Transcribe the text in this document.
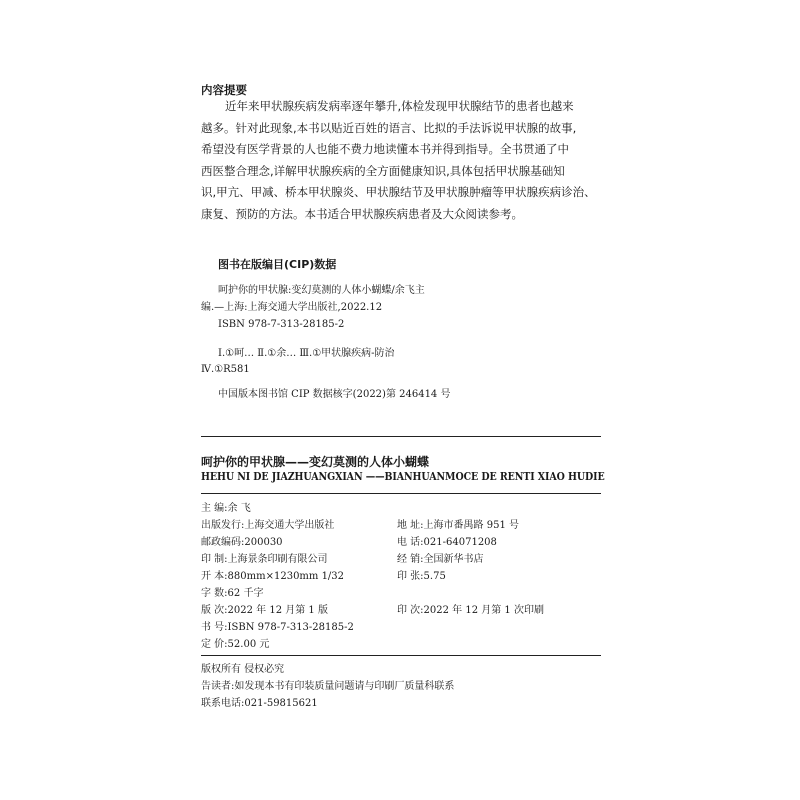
内容提要
近年来甲状腺疾病发病率逐年攀升,体检发现甲状腺结节的患者也越来
越多。针对此现象,本书以贴近百姓的语言、比拟的手法诉说甲状腺的故事,
希望没有医学背景的人也能不费力地读懂本书并得到指导。全书贯通了中
西医整合理念,详解甲状腺疾病的全方面健康知识,具体包括甲状腺基础知
识,甲亢、甲减、桥本甲状腺炎、甲状腺结节及甲状腺肿瘤等甲状腺疾病诊治、
康复、预防的方法。本书适合甲状腺疾病患者及大众阅读参考。
图书在版编目(CIP)数据
呵护你的甲状腺:变幻莫测的人体小蝴蝶/余飞主
编.—上海:上海交通大学出版社,2022.12
ISBN 978-7-313-28185-2
Ⅰ.①呵… Ⅱ.①余… Ⅲ.①甲状腺疾病-防治
Ⅳ.①R581
中国版本图书馆 CIP 数据核字(2022)第 246414 号
呵护你的甲状腺——变幻莫测的人体小蝴蝶
HEHU NI DE JIAZHUANGXIAN ——BIANHUANMOCE DE RENTI XIAO HUDIE
主 编:余 飞
出版发行:上海交通大学出版社	地 址:上海市番禺路 951 号
邮政编码:200030	电 话:021-64071208
印 制:上海景条印刷有限公司	经 销:全国新华书店
开 本:880mm×1230mm 1/32	印 张:5.75
字 数:62 千字
版 次:2022 年 12 月第 1 版	印 次:2022 年 12 月第 1 次印刷
书 号:ISBN 978-7-313-28185-2
定 价:52.00 元
版权所有 侵权必究
告读者:如发现本书有印装质量问题请与印刷厂质量科联系
联系电话:021-59815621
